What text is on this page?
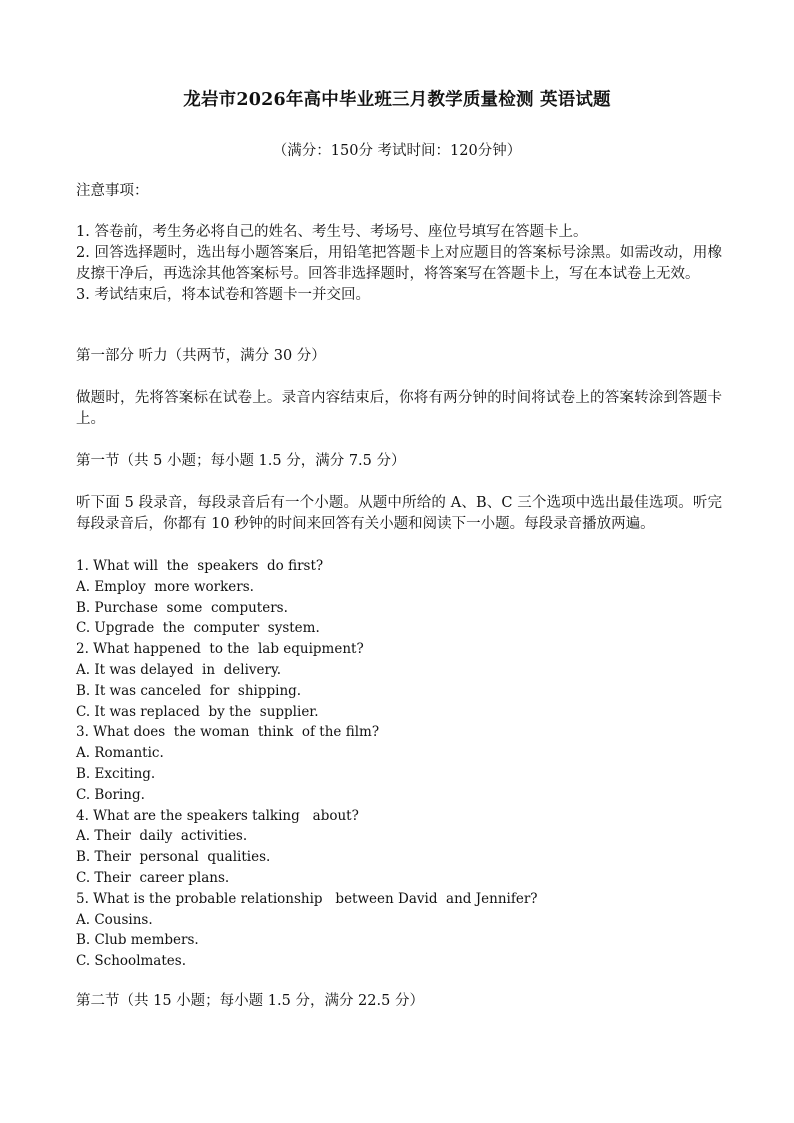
龙岩市2026年高中毕业班三月教学质量检测 英语试题
（满分：150分 考试时间：120分钟）
注意事项：

1. 答卷前，考生务必将自己的姓名、考生号、考场号、座位号填写在答题卡上。

2. 回答选择题时，选出每小题答案后，用铅笔把答题卡上对应题目的答案标号涂黑。如需改动，用橡皮擦干净后，再选涂其他答案标号。回答非选择题时，将答案写在答题卡上，写在本试卷上无效。

3. 考试结束后，将本试卷和答题卡一并交回。

第一部分 听力（共两节，满分 30 分）

做题时，先将答案标在试卷上。录音内容结束后，你将有两分钟的时间将试卷上的答案转涂到答题卡上。

第一节（共 5 小题；每小题 1.5 分，满分 7.5 分）

听下面 5 段录音，每段录音后有一个小题。从题中所给的 A、B、C 三个选项中选出最佳选项。听完每段录音后，你都有 10 秒钟的时间来回答有关小题和阅读下一小题。每段录音播放两遍。

1. What will  the  speakers  do first?

A. Employ  more workers.

B. Purchase  some  computers.

C. Upgrade  the  computer  system.

2. What happened  to the  lab equipment?

A. It was delayed  in  delivery.

B. It was canceled  for  shipping.

C. It was replaced  by the  supplier.

3. What does  the woman  think  of the film?

A. Romantic.

B. Exciting.

C. Boring.

4. What are the speakers talking   about?

A. Their  daily  activities.

B. Their  personal  qualities.

C. Their  career plans.

5. What is the probable relationship   between David  and Jennifer?

A. Cousins.

B. Club members.

C. Schoolmates.

第二节（共 15 小题；每小题 1.5 分，满分 22.5 分）
